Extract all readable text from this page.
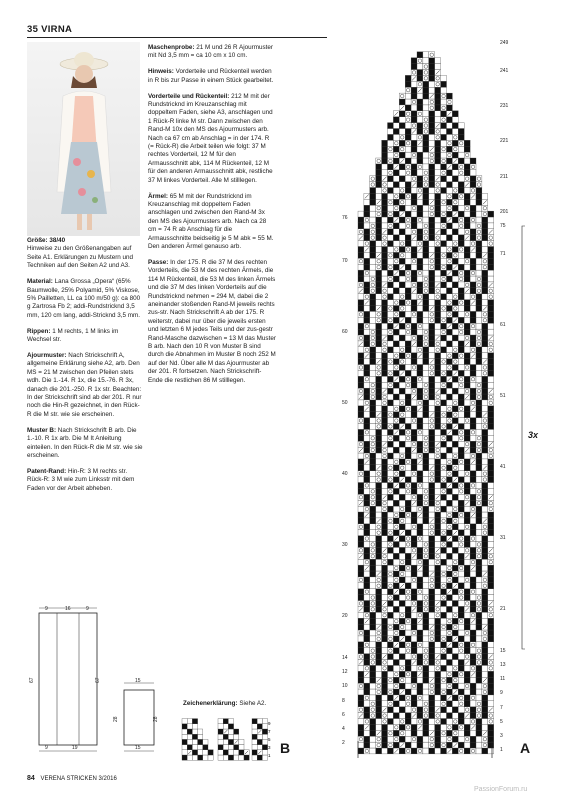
35 VIRNA

Größe: 38/40
Hinweise zu den Größenangaben auf Seite A1. Erklärungen zu Mustern und Techniken auf den Seiten A2 und A3.

Material: Lana Grossa „Opera“ (65% Baumwolle, 25% Polyamid, 5% Viskose, 5% Pailletten, LL ca 100 m/50 g): ca 800 g Zartrosa Fb 2; addi-Rundstricknd 3,5 mm, 120 cm lang, addi-Stricknd 3,5 mm.

Rippen: 1 M rechts, 1 M links im Wechsel str.

Ajourmuster: Nach Strickschrift A, allgemeine Erklärung siehe A2, arb. Den MS = 21 M zwischen den Pfeilen stets wdh. Die 1.-14. R 1x, die 15.-76. R 3x, danach die 201.-250. R 1x str. Beachten: In der Strickschrift sind ab der 201. R nur noch die Hin-R gezeichnet, in den Rück-R die M str. wie sie erscheinen.

Muster B: Nach Strickschrift B arb. Die 1.-10. R 1x arb. Die M It Anleitung einteilen. In den Rück-R die M str. wie sie erscheinen.

Patent-Rand: Hin-R: 3 M rechts str. Rück-R: 3 M wie zum Linksstr mit dem Faden vor der Arbeit abheben.

Maschenprobe: 21 M und 26 R Ajourmuster mit Nd 3,5 mm = ca 10 cm x 10 cm.

Hinweis: Vorderteile und Rückenteil werden in R bis zur Passe in einem Stück gearbeitet.

Vorderteile und Rückenteil: 212 M mit der Rundstricknd im Kreuzanschlag mit doppeltem Faden, siehe A3, anschlagen und 1 Rück-R linke M str. Dann zwischen den Rand-M 10x den MS des Ajourmusters arb. Nach ca 67 cm ab Anschlag = in der 174. R (= Rück-R) die Arbeit teilen wie folgt: 37 M rechtes Vorderteil, 12 M für den Armausschnitt abk, 114 M Rückenteil, 12 M für den anderen Armausschnitt abk, restliche 37 M linkes Vorderteil. Alle M stilllegen.

Ärmel: 65 M mit der Rundstricknd im Kreuzanschlag mit doppeltem Faden anschlagen und zwischen den Rand-M 3x den MS des Ajourmusters arb. Nach ca 28 cm = 74 R ab Anschlag für die Armausschnitte beidseitig je 5 M abk = 55 M. Den anderen Ärmel genauso arb.

Passe: In der 175. R die 37 M des rechten Vorderteils, die 53 M des rechten Ärmels, die 114 M Rückenteil, die 53 M des linken Ärmels und die 37 M des linken Vorderteils auf die Rundstricknd nehmen = 294 M, dabei die 2 aneinander stoßenden Rand-M jeweils rechts zus-str. Nach Strickschrift A ab der 175. R weiterstr, dabei nur über die jeweils ersten und letzten 6 M jedes Teils und der zus-gestr Rand-Masche dazwischen = 13 M das Muster B arb. Nach den 10 R von Muster B sind durch die Abnahmen im Muster B noch 252 M auf der Nd. Über alle M das Ajourmuster ab der 201. R fortsetzen. Nach Strickschrift-Ende die restlichen 86 M stilllegen.

9	16	9
67	67
9	19
15
28	28
15
Zeichenerklärung: Siehe A2.
1
3
5
7
9
B
249
241
231
221
211
201
75
71
61
51
41
31
21
15
13
11
9
7
5
3
1
76
70
60
50
40
30
20
14
12
10
8
6
4
2
3x
A
84 VERENA STRICKEN 3/2016
PassionForum.ru
